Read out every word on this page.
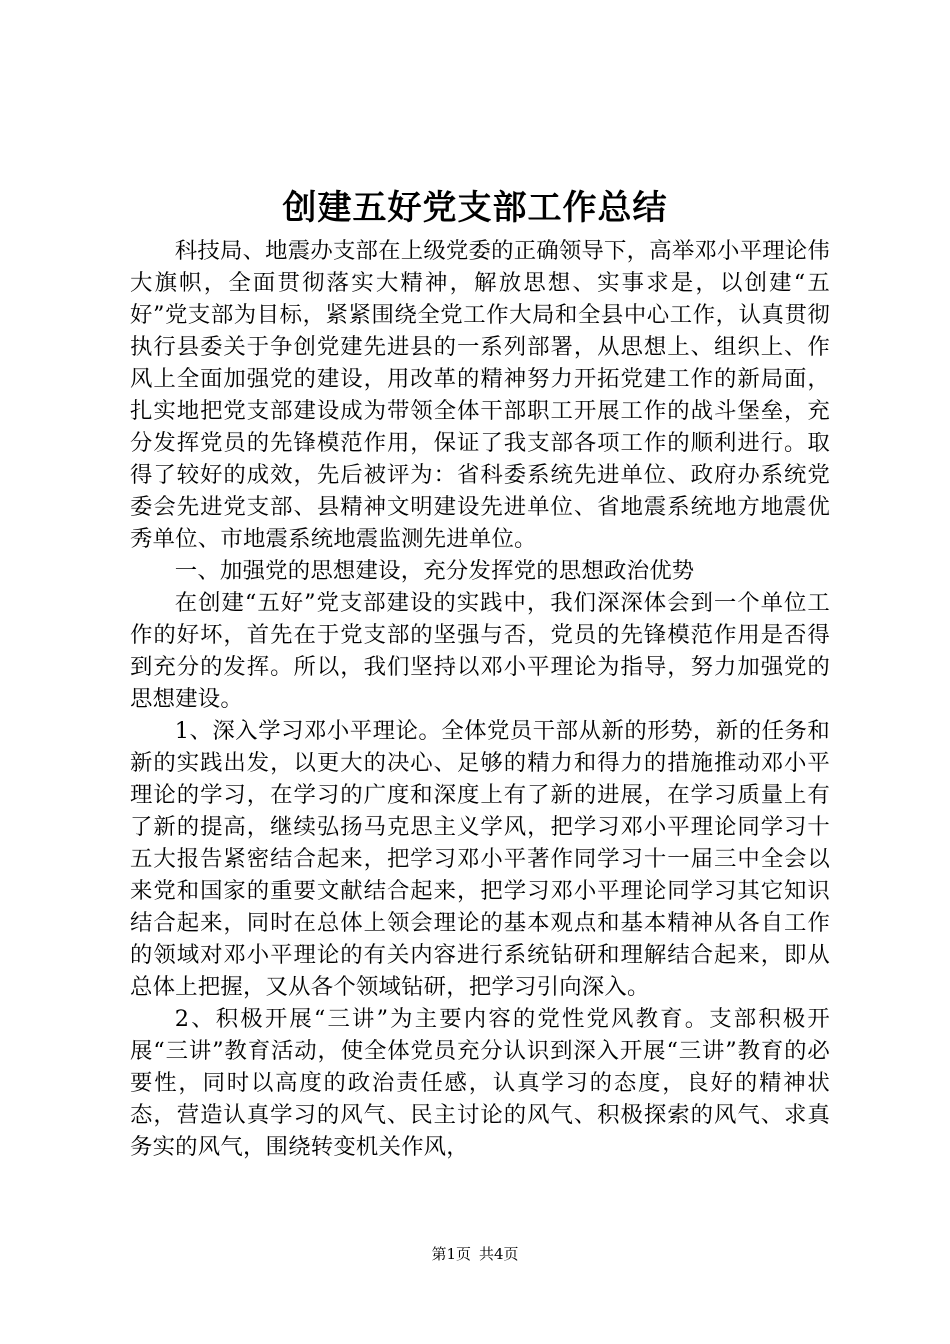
创建五好党支部工作总结

科技局、地震办支部在上级党委的正确领导下，高举邓小平理论伟大旗帜，全面贯彻落实大精神，解放思想、实事求是，以创建“五好”党支部为目标，紧紧围绕全党工作大局和全县中心工作，认真贯彻执行县委关于争创党建先进县的一系列部署，从思想上、组织上、作风上全面加强党的建设，用改革的精神努力开拓党建工作的新局面，扎实地把党支部建设成为带领全体干部职工开展工作的战斗堡垒，充分发挥党员的先锋模范作用，保证了我支部各项工作的顺利进行。取得了较好的成效，先后被评为：省科委系统先进单位、政府办系统党委会先进党支部、县精神文明建设先进单位、省地震系统地方地震优秀单位、市地震系统地震监测先进单位。

一、加强党的思想建设，充分发挥党的思想政治优势

在创建“五好”党支部建设的实践中，我们深深体会到一个单位工作的好坏，首先在于党支部的坚强与否，党员的先锋模范作用是否得到充分的发挥。所以，我们坚持以邓小平理论为指导，努力加强党的思想建设。

1、深入学习邓小平理论。全体党员干部从新的形势，新的任务和新的实践出发，以更大的决心、足够的精力和得力的措施推动邓小平理论的学习，在学习的广度和深度上有了新的进展，在学习质量上有了新的提高，继续弘扬马克思主义学风，把学习邓小平理论同学习十五大报告紧密结合起来，把学习邓小平著作同学习十一届三中全会以来党和国家的重要文献结合起来，把学习邓小平理论同学习其它知识结合起来，同时在总体上领会理论的基本观点和基本精神从各自工作的领域对邓小平理论的有关内容进行系统钻研和理解结合起来，即从总体上把握，又从各个领域钻研，把学习引向深入。

2、积极开展“三讲”为主要内容的党性党风教育。支部积极开展“三讲”教育活动，使全体党员充分认识到深入开展“三讲”教育的必要性，同时以高度的政治责任感，认真学习的态度，良好的精神状态，营造认真学习的风气、民主讨论的风气、积极探索的风气、求真务实的风气，围绕转变机关作风，

第1页 共4页
